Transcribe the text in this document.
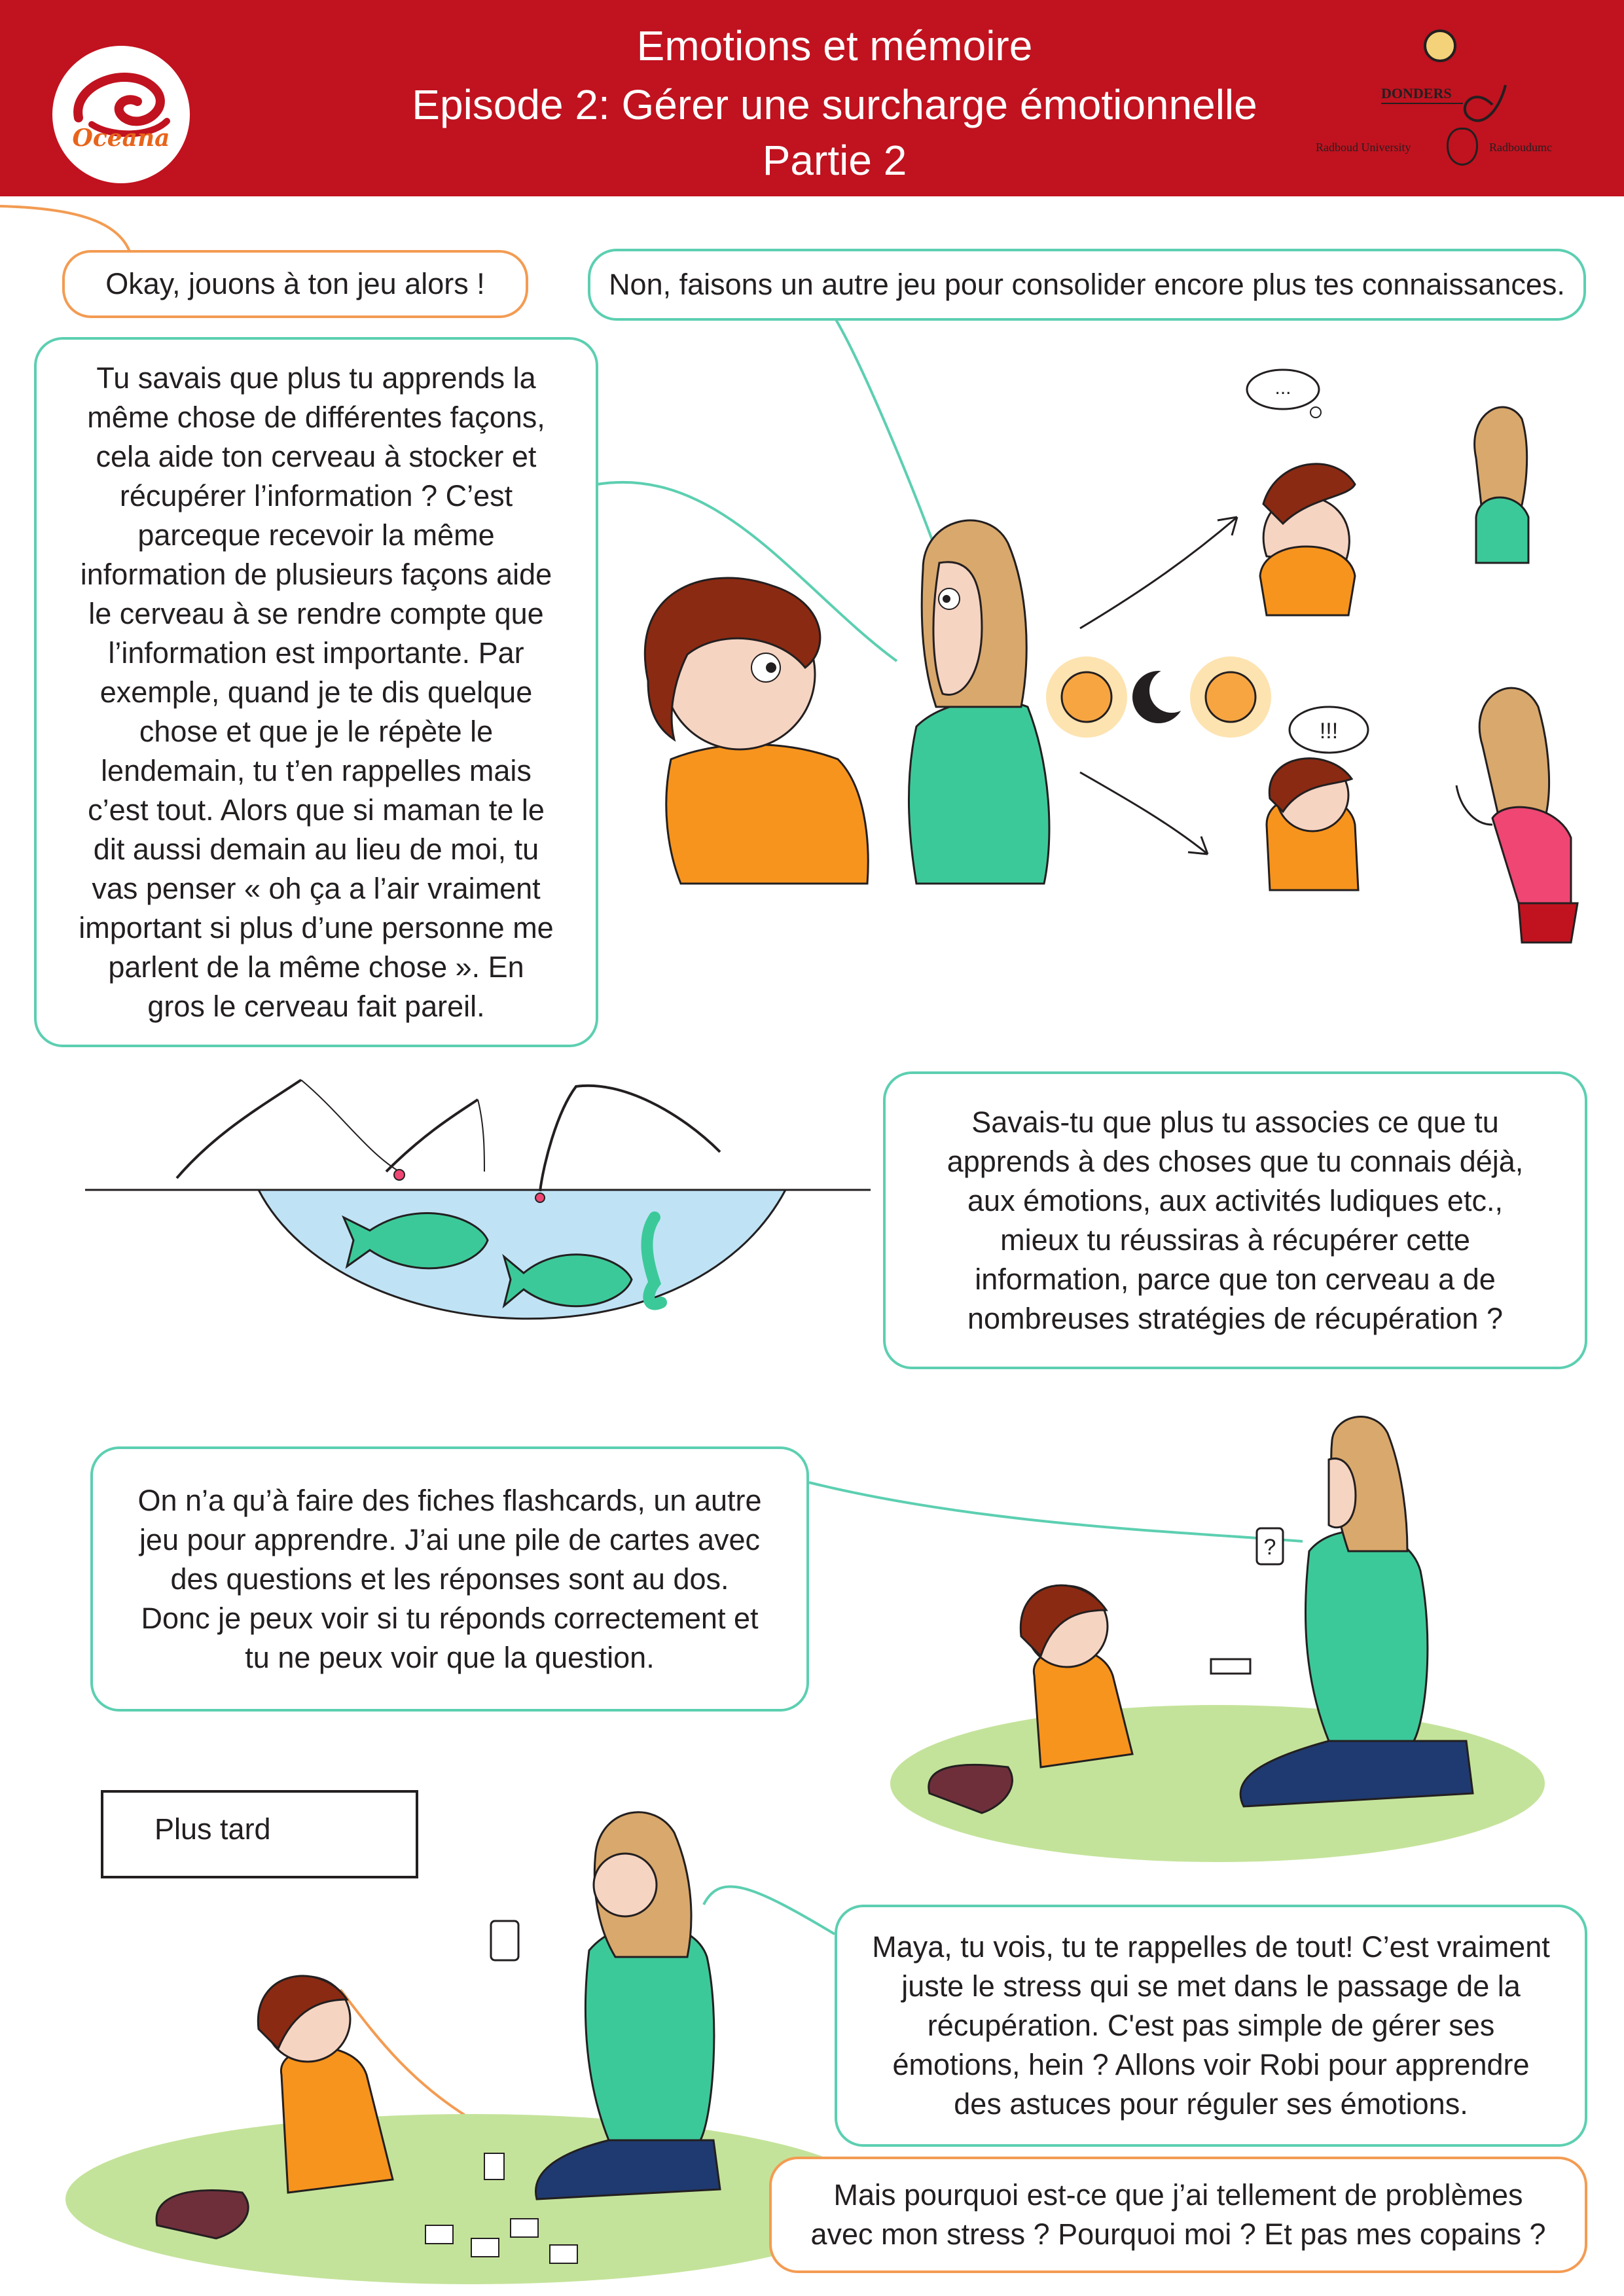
Oceana
Emotions et mémoire
Episode 2: Gérer une surcharge émotionnelle
Partie 2
DONDERS
Radboud University	Radboudumc
...
!!!
?
Okay, jouons à ton jeu alors !	Non, faisons un autre jeu pour consolider encore plus tes connaissances.
Tu savais que plus tu apprends la même chose de différentes façons, cela aide ton cerveau à stocker et récupérer l’information ? C’est parceque recevoir la même information de plusieurs façons aide le cerveau à se rendre compte que l’information est importante. Par exemple, quand je te dis quelque chose et que je le répète le lendemain, tu t’en rappelles mais c’est tout. Alors que si maman te le dit aussi demain au lieu de moi, tu vas penser « oh ça a l’air vraiment important si plus d’une personne me parlent de la même chose ». En gros le cerveau fait pareil.
Savais-tu que plus tu associes ce que tu apprends à des choses que tu connais déjà, aux émotions, aux activités ludiques etc., mieux tu réussiras à récupérer cette information, parce que ton cerveau a de nombreuses stratégies de récupération ?
On n’a qu’à faire des fiches flashcards, un autre jeu pour apprendre. J’ai une pile de cartes avec des questions et les réponses sont au dos. Donc je peux voir si tu réponds correctement et tu ne peux voir que la question.
Plus tard
Maya, tu vois, tu te rappelles de tout! C’est vraiment juste le stress qui se met dans le passage de la récupération. C'est pas simple de gérer ses émotions, hein ? Allons voir Robi pour apprendre des astuces pour réguler ses émotions.
Mais pourquoi est-ce que j’ai tellement de problèmes avec mon stress ? Pourquoi moi ? Et pas mes copains ?
